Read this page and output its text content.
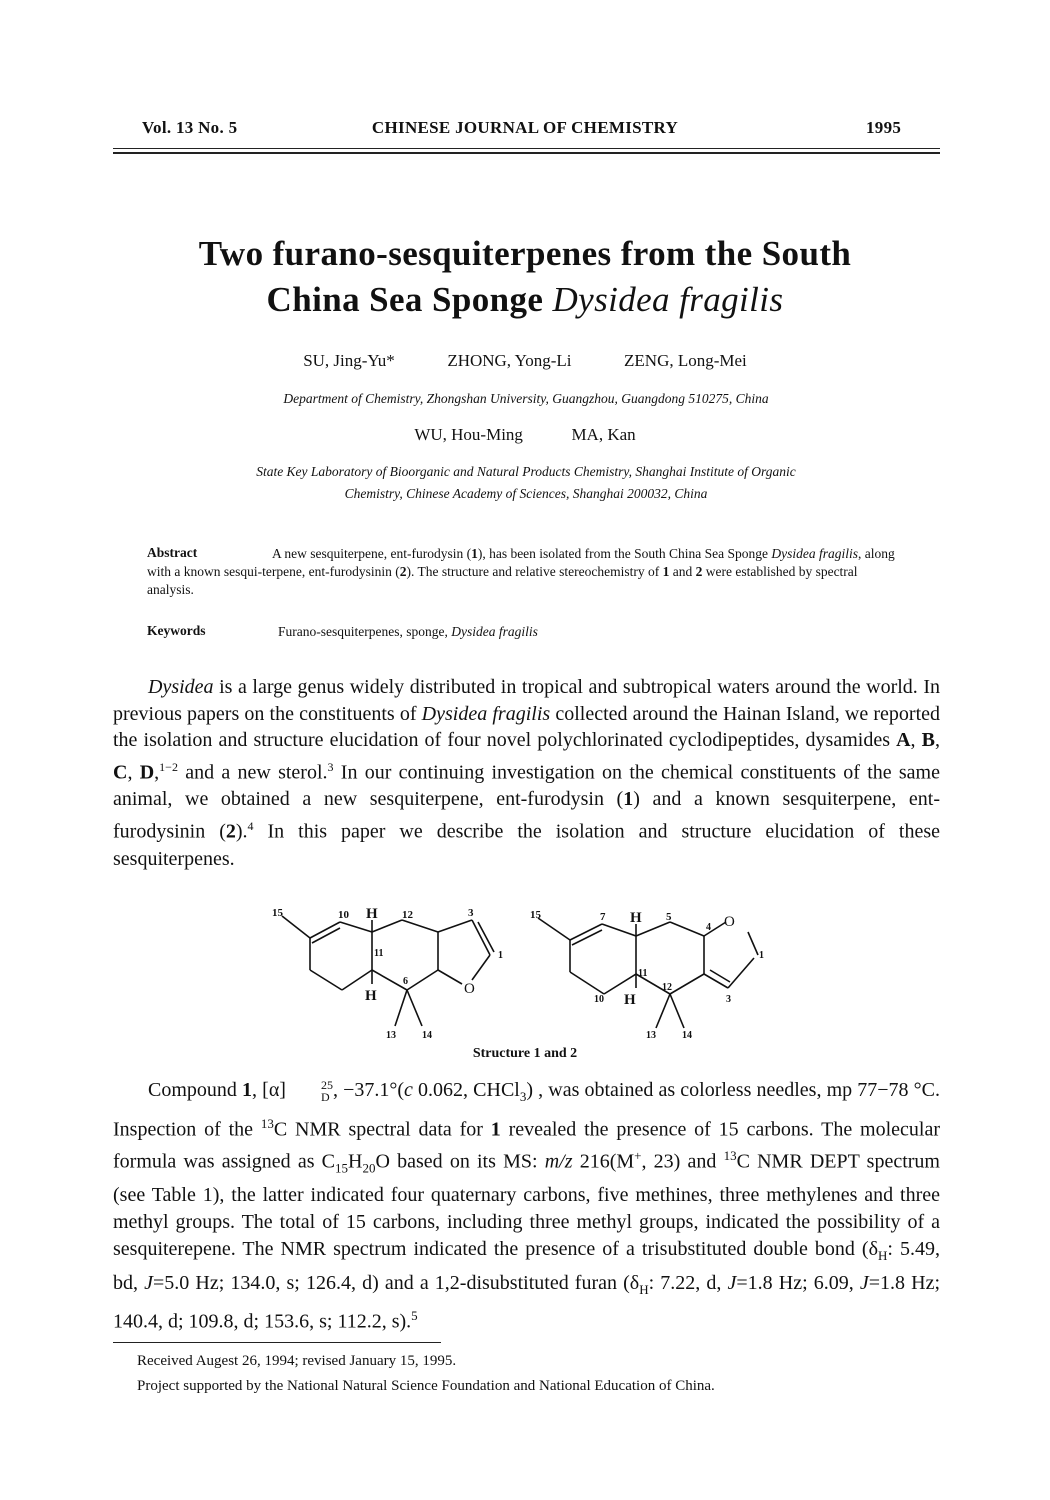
Vol. 13 No. 5	CHINESE JOURNAL OF CHEMISTRY	1995
Two furano-sesquiterpenes from the South
China Sea Sponge Dysidea fragilis
SU, Jing-Yu*	ZHONG, Yong-Li	ZENG, Long-Mei
Department of Chemistry, Zhongshan University, Guangzhou, Guangdong 510275, China
WU, Hou-Ming	MA, Kan
State Key Laboratory of Bioorganic and Natural Products Chemistry, Shanghai Institute of Organic
Chemistry, Chinese Academy of Sciences, Shanghai 200032, China
Abstract	A new sesquiterpene, ent-furodysin (1), has been isolated from the South China Sea Sponge Dysidea fragilis, along with a known sesqui-terpene, ent-furodysinin (2). The structure and relative stereochemistry of 1 and 2 were established by spectral analysis.
Keywords	Furano-sesquiterpenes, sponge, Dysidea fragilis

Dysidea is a large genus widely distributed in tropical and subtropical waters around the world. In previous papers on the constituents of Dysidea fragilis collected around the Hainan Island, we reported the isolation and structure elucidation of four novel polychlorinated cyclodipeptides, dysamides A, B, C, D,$^{1-2}$ and a new sterol.$^3$ In our continuing investigation on the chemical constituents of the same animal, we obtained a new sesquiterpene, ent-furodysin (1) and a known sesquiterpene, ent-furodysinin (2).$^4$ In this paper we describe the isolation and structure elucidation of these sesquiterpenes.

15	10 H 12	3
11
6
1
H	O
13	14
15	7 H 5
4 O
1
10 H
11
12
3
13	14
Structure 1 and 2

Compound 1, [α]	25
D , −37.1°(c 0.062, CHCl$_3$) , was obtained as colorless needles, mp 77−78 °C. Inspection of the $^{13}$C NMR spectral data for 1 revealed the presence of 15 carbons. The molecular formula was assigned as $C_{15}H_{20}O$ based on its MS: m/z 216(M+, 23) and $^{13}$C NMR DEPT spectrum (see Table 1), the latter indicated four quaternary carbons, five methines, three methylenes and three methyl groups. The total of 15 carbons, including three methyl groups, indicated the possibility of a sesquiterepene. The NMR spectrum indicated the presence of a trisubstituted double bond ($\delta_H$: 5.49, bd, J=5.0 Hz; 134.0, s; 126.4, d) and a 1,2-disubstituted furan ($\delta_H$: 7.22, d, J=1.8 Hz; 6.09, J=1.8 Hz; 140.4, d; 109.8, d; 153.6, s; 112.2, s).$^5$

Received Augest 26, 1994; revised January 15, 1995.
Project supported by the National Natural Science Foundation and National Education of China.
